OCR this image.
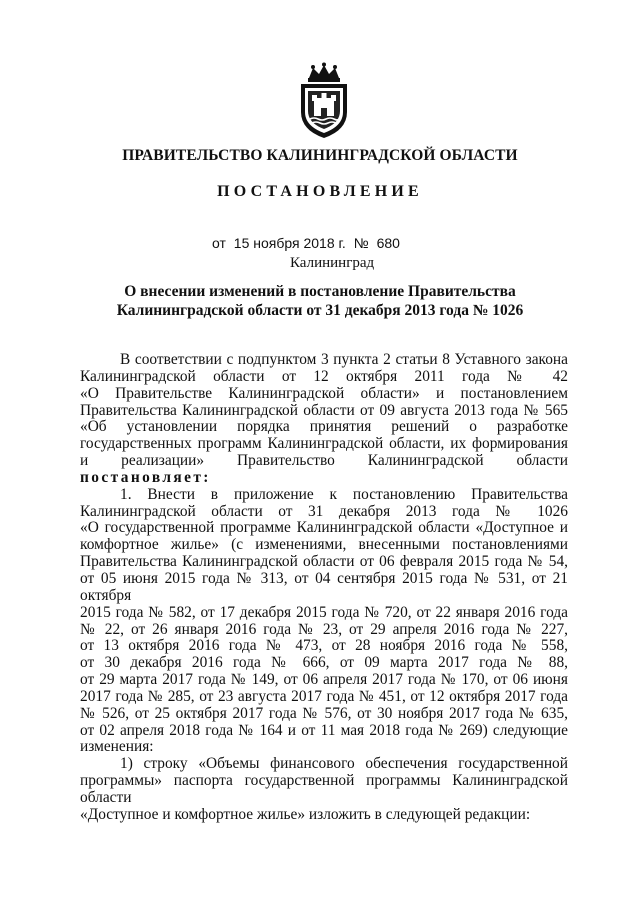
ПРАВИТЕЛЬСТВО КАЛИНИНГРАДСКОЙ ОБЛАСТИ
ПОСТАНОВЛЕНИЕ
от 15 ноября 2018 г. № 680
Калининград
О внесении изменений в постановление Правительства
Калининградской области от 31 декабря 2013 года № 1026

В соответствии с подпунктом 3 пункта 2 статьи 8 Уставного закона

Калининградской области от 12 октября 2011 года № 42

«О Правительстве Калининградской области» и постановлением

Правительства Калининградской области от 09 августа 2013 года № 565

«Об установлении порядка принятия решений о разработке

государственных программ Калининградской области, их формирования

и реализации» Правительство Калининградской области

постановляет:

1. Внести в приложение к постановлению Правительства

Калининградской области от 31 декабря 2013 года № 1026

«О государственной программе Калининградской области «Доступное и

комфортное жилье» (с изменениями, внесенными постановлениями

Правительства Калининградской области от 06 февраля 2015 года № 54,

от 05 июня 2015 года № 313, от 04 сентября 2015 года № 531, от 21 октября

2015 года № 582, от 17 декабря 2015 года № 720, от 22 января 2016 года

№ 22, от 26 января 2016 года № 23, от 29 апреля 2016 года № 227,

от 13 октября 2016 года № 473, от 28 ноября 2016 года № 558,

от 30 декабря 2016 года № 666, от 09 марта 2017 года № 88,

от 29 марта 2017 года № 149, от 06 апреля 2017 года № 170, от 06 июня

2017 года № 285, от 23 августа 2017 года № 451, от 12 октября 2017 года

№ 526, от 25 октября 2017 года № 576, от 30 ноября 2017 года № 635,

от 02 апреля 2018 года № 164 и от 11 мая 2018 года № 269) следующие

изменения:

1) строку «Объемы финансового обеспечения государственной

программы» паспорта государственной программы Калининградской области

«Доступное и комфортное жилье» изложить в следующей редакции:
